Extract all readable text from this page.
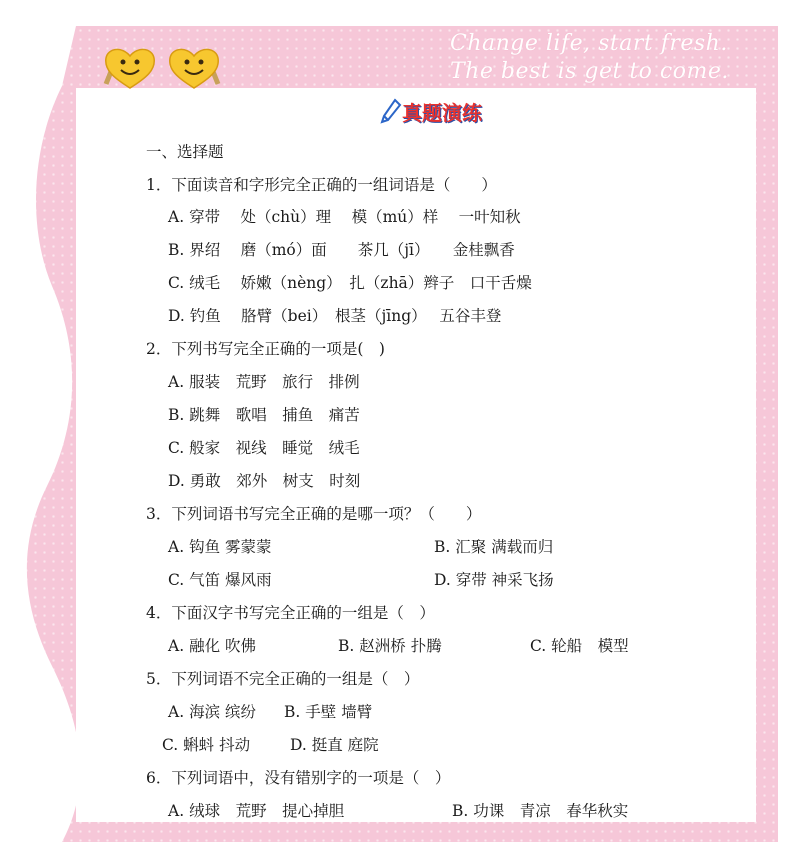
Change life, start fresh.
The best is get to come.
真题演练
一、选择题
1．下面读音和字形完全正确的一组词语是（　　）
A. 穿带　 处（chù）理　 模（mú）样　 一叶知秋
B. 界绍　 磨（mó）面　　茶几（jī）　　金桂飘香
C. 绒毛　 娇嫩（nèng）　扎（zhā）辫子　口干舌燥
D. 钓鱼　 胳臂（bei）　根茎（jīng）　 五谷丰登
2．下列书写完全正确的一项是(　)
A. 服装　荒野　旅行　排例
B. 跳舞　歌唱　捕鱼　痛苦
C. 般家　视线　睡觉　绒毛
D. 勇敢　郊外　树支　时刻
3．下列词语书写完全正确的是哪一项？（　　）
A. 钩鱼 雾蒙蒙	B. 汇聚 满载而归
C. 气笛 爆风雨	D. 穿带 神采飞扬
4．下面汉字书写完全正确的一组是（　）
A. 融化 吹佛	B. 赵洲桥 扑腾	C. 轮船　模型
5．下列词语不完全正确的一组是（　）
A. 海滨 缤纷 B. 手壁 墙臂
C. 蝌蚪 抖动	D. 挺直 庭院
6．下列词语中，没有错别字的一项是（　）
A. 绒球　荒野　提心掉胆	B. 功课　青凉　春华秋实
